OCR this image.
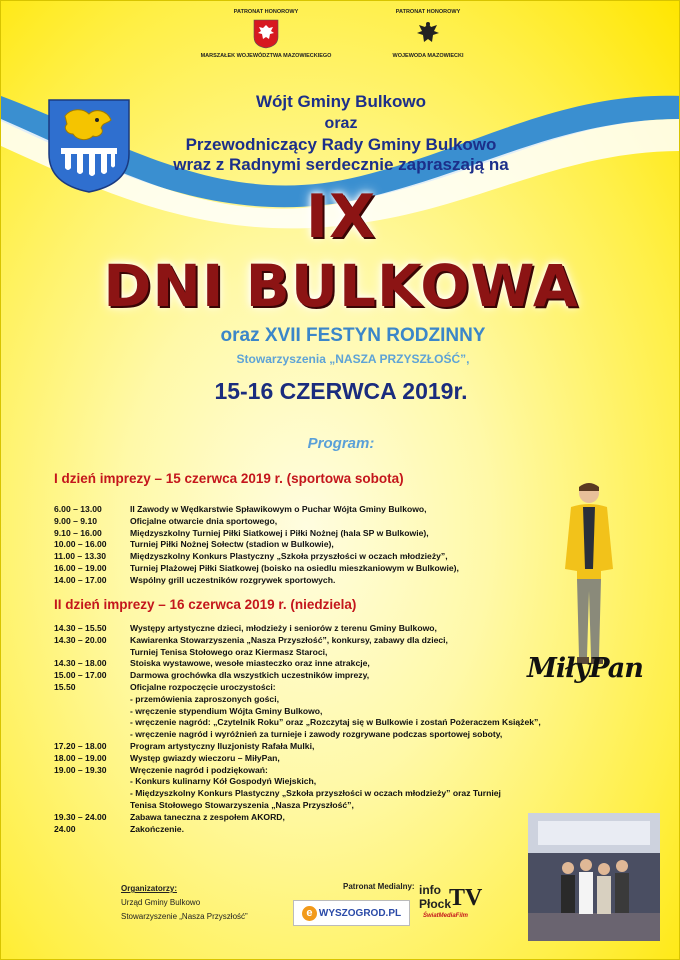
PATRONAT HONOROWY
MARSZAŁEK WOJEWÓDZTWA MAZOWIECKIEGO
PATRONAT HONOROWY
WOJEWODA MAZOWIECKI
Wójt Gminy Bulkowo
oraz
Przewodniczący Rady Gminy Bulkowo
wraz z Radnymi serdecznie zapraszają na
IX
DNI BULKOWA
oraz XVII FESTYN RODZINNY
Stowarzyszenia „NASZA PRZYSZŁOŚĆ”,
15-16 CZERWCA 2019r.
Program:
I dzień imprezy – 15 czerwca 2019 r. (sportowa sobota)
6.00 – 13.00	II Zawody w Wędkarstwie Spławikowym o Puchar Wójta Gminy Bulkowo,
9.00 – 9.10	Oficjalne otwarcie dnia sportowego,
9.10 – 16.00	Międzyszkolny Turniej Piłki Siatkowej i Piłki Nożnej (hala SP w Bulkowie),
10.00 – 16.00	Turniej Piłki Nożnej Sołectw (stadion w Bulkowie),
11.00 – 13.30	Międzyszkolny Konkurs Plastyczny „Szkoła przyszłości w oczach młodzieży”,
16.00 – 19.00	Turniej Plażowej Piłki Siatkowej (boisko na osiedlu mieszkaniowym w Bulkowie),
14.00 – 17.00	Wspólny grill uczestników rozgrywek sportowych.
II dzień imprezy – 16 czerwca 2019 r. (niedziela)
14.30 – 15.50	Występy artystyczne dzieci, młodzieży i seniorów z terenu Gminy Bulkowo,
14.30 – 20.00	Kawiarenka Stowarzyszenia „Nasza Przyszłość”, konkursy, zabawy dla dzieci,
Turniej Tenisa Stołowego oraz Kiermasz Staroci,
14.30 – 18.00	Stoiska wystawowe, wesołe miasteczko oraz inne atrakcje,
15.00 – 17.00	Darmowa grochówka dla wszystkich uczestników imprezy,
15.50	Oficjalne rozpoczęcie uroczystości:
- przemówienia zaproszonych gości,
- wręczenie stypendium Wójta Gminy Bulkowo,
- wręczenie nagród: „Czytelnik Roku” oraz „Rozczytaj się w Bulkowie i zostań Pożeraczem Książek”,
- wręczenie nagród i wyróżnień za turnieje i zawody rozgrywane podczas sportowej soboty,
17.20 – 18.00	Program artystyczny Iluzjonisty Rafała Mulki,
18.00 – 19.00	Występ gwiazdy wieczoru – MiłyPan,
19.00 – 19.30	Wręczenie nagród i podziękowań:
- Konkurs kulinarny Kół Gospodyń Wiejskich,
- Międzyszkolny Konkurs Plastyczny „Szkoła przyszłości w oczach młodzieży” oraz Turniej
Tenisa Stołowego Stowarzyszenia „Nasza Przyszłość”,
19.30 – 24.00	Zabawa taneczna z zespołem AKORD,
24.00	Zakończenie.
MiłyPan
Organizatorzy:
Urząd Gminy Bulkowo
Stowarzyszenie „Nasza Przyszłość”
Patronat Medialny:
e WYSZOGROD.PL
info
Płock
TV
ŚwiatMediaFilm
